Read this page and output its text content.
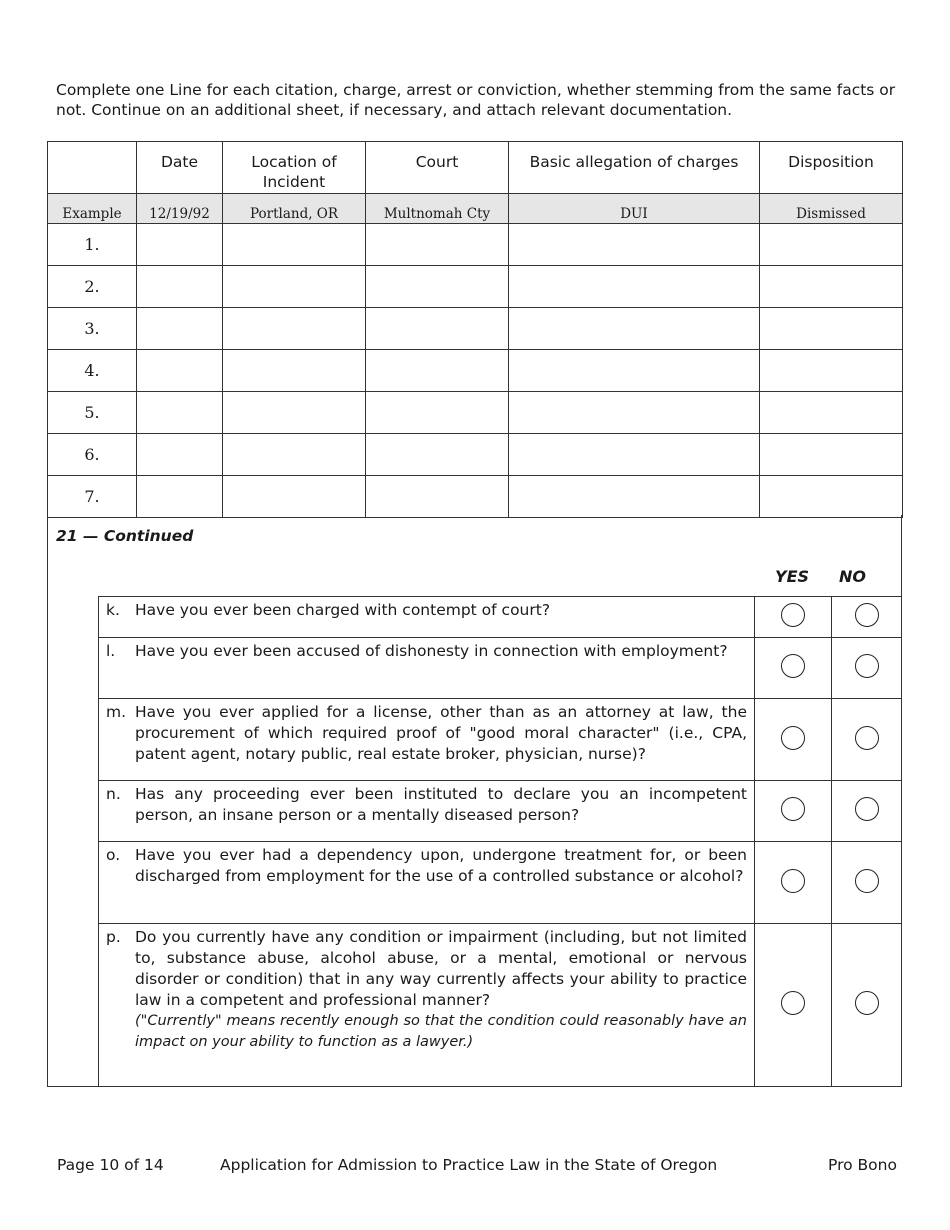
Complete one Line for each citation, charge, arrest or conviction, whether stemming from the same facts or not. Continue on an additional sheet, if necessary, and attach relevant documentation.
	Date	Location of Incident	Court	Basic allegation of charges	Disposition
Example	12/19/92	Portland, OR	Multnomah Cty	DUI	Dismissed
1.					
2.					
3.					
4.					
5.					
6.					
7.					
21 — Continued
YES NO
k. Have you ever been charged with contempt of court?		

l. Have you ever been accused of dishonesty in connection with employment?		

m. Have you ever applied for a license, other than as an attorney at law, the procurement of which required proof of "good moral character" (i.e., CPA, patent agent, notary public, real estate broker, physician, nurse)?		

n. Has any proceeding ever been instituted to declare you an incompetent person, an insane person or a mentally diseased person?		

o. Have you ever had a dependency upon, undergone treatment for, or been discharged from employment for the use of a controlled substance or alcohol?		

p. Do you currently have any condition or impairment (including, but not limited to, substance abuse, alcohol abuse, or a mental, emotional or nervous disorder or condition) that in any way currently affects your ability to practice law in a competent and professional manner?
("Currently" means recently enough so that the condition could reasonably have an impact on your ability to function as a lawyer.)		

Page 10 of 14	Application for Admission to Practice Law in the State of Oregon	Pro Bono
